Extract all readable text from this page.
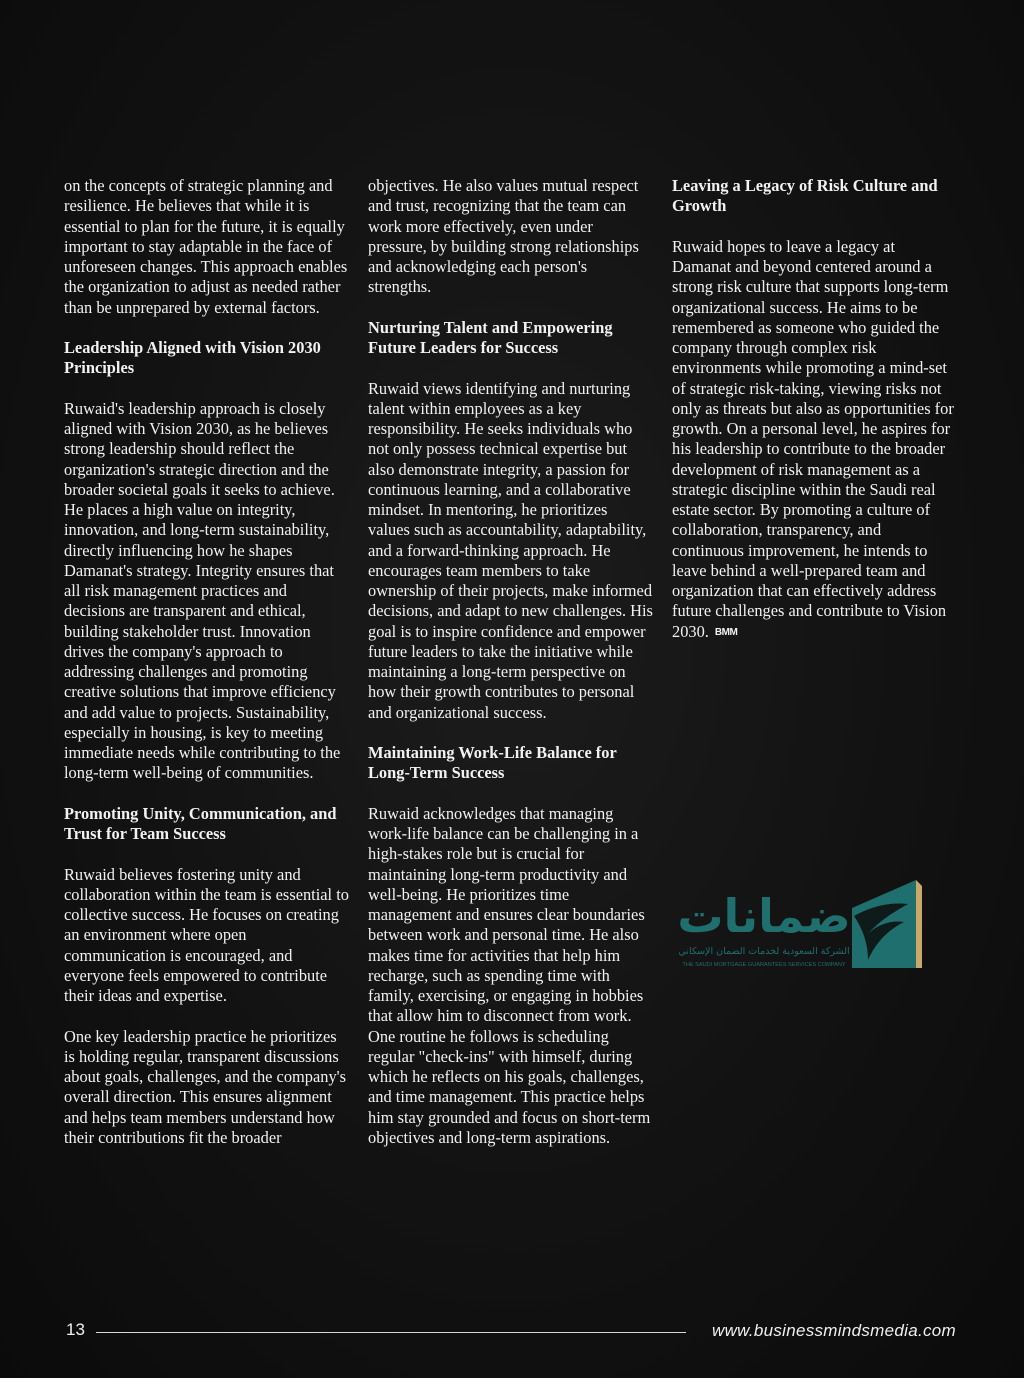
on the concepts of strategic planning and resilience. He believes that while it is essential to plan for the future, it is equally important to stay adaptable in the face of unforeseen changes. This approach enables the organization to adjust as needed rather than be unprepared by external factors.

Leadership Aligned with Vision 2030 Principles

Ruwaid's leadership approach is closely aligned with Vision 2030, as he believes strong leadership should reflect the organization's strategic direction and the broader societal goals it seeks to achieve. He places a high value on integrity, innovation, and long-term sustainability, directly influencing how he shapes Damanat's strategy. Integrity ensures that all risk management practices and decisions are transparent and ethical, building stakeholder trust. Innovation drives the company's approach to addressing challenges and promoting creative solutions that improve efficiency and add value to projects. Sustainability, especially in housing, is key to meeting immediate needs while contributing to the long-term well-being of communities.

Promoting Unity, Communication, and Trust for Team Success

Ruwaid believes fostering unity and collaboration within the team is essential to collective success. He focuses on creating an environment where open communication is encouraged, and everyone feels empowered to contribute their ideas and expertise.

One key leadership practice he prioritizes is holding regular, transparent discussions about goals, challenges, and the company's overall direction. This ensures alignment and helps team members understand how their contributions fit the broader

objectives. He also values mutual respect and trust, recognizing that the team can work more effectively, even under pressure, by building strong relationships and acknowledging each person's strengths.

Nurturing Talent and Empowering Future Leaders for Success

Ruwaid views identifying and nurturing talent within employees as a key responsibility. He seeks individuals who not only possess technical expertise but also demonstrate integrity, a passion for continuous learning, and a collaborative mindset. In mentoring, he prioritizes values such as accountability, adaptability, and a forward-thinking approach. He encourages team members to take ownership of their projects, make informed decisions, and adapt to new challenges. His goal is to inspire confidence and empower future leaders to take the initiative while maintaining a long-term perspective on how their growth contributes to personal and organizational success.

Maintaining Work-Life Balance for Long-Term Success

Ruwaid acknowledges that managing work-life balance can be challenging in a high-stakes role but is crucial for maintaining long-term productivity and well-being. He prioritizes time management and ensures clear boundaries between work and personal time. He also makes time for activities that help him recharge, such as spending time with family, exercising, or engaging in hobbies that allow him to disconnect from work. One routine he follows is scheduling regular "check-ins" with himself, during which he reflects on his goals, challenges, and time management. This practice helps him stay grounded and focus on short-term objectives and long-term aspirations.

Leaving a Legacy of Risk Culture and Growth

Ruwaid hopes to leave a legacy at Damanat and beyond centered around a strong risk culture that supports long-term organizational success. He aims to be remembered as someone who guided the company through complex risk environments while promoting a mind-set of strategic risk-taking, viewing risks not only as threats but also as opportunities for growth. On a personal level, he aspires for his leadership to contribute to the broader development of risk management as a strategic discipline within the Saudi real estate sector. By promoting a culture of collaboration, transparency, and continuous improvement, he intends to leave behind a well-prepared team and organization that can effectively address future challenges and contribute to Vision 2030. BMM

ضمانات
الشركة السعودية لخدمات الضمان الإسكاني
THE SAUDI MORTGAGE GUARANTEES SERVICES COMPANY
13	www.businessmindsmedia.com
